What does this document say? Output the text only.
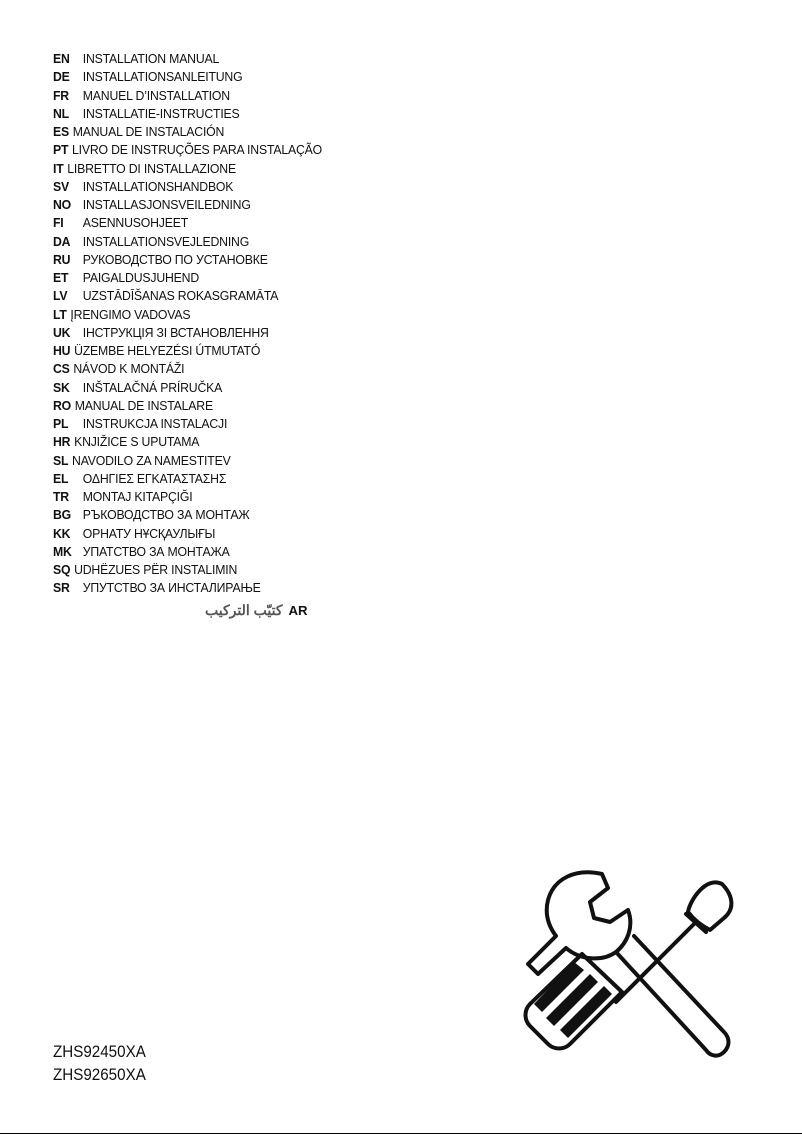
EN INSTALLATION MANUAL
DE INSTALLATIONSANLEITUNG
FR MANUEL D’INSTALLATION
NL INSTALLATIE-INSTRUCTIES
ES MANUAL DE INSTALACIÓN
PT LIVRO DE INSTRUÇÕES PARA INSTALAÇÃO
IT LIBRETTO DI INSTALLAZIONE
SV INSTALLATIONSHANDBOK
NO INSTALLASJONSVEILEDNING
FI ASENNUSOHJEET
DA INSTALLATIONSVEJLEDNING
RU РУКОВОДСТВО ПО УСТАНОВКЕ
ET PAIGALDUSJUHEND
LV UZSTĀDĪŠANAS ROKASGRAMĀTA
LT ĮRENGIMO VADOVAS
UK ІНСТРУКЦІЯ ЗІ ВСТАНОВЛЕННЯ
HU ÜZEMBE HELYEZÉSI ÚTMUTATÓ
CS NÁVOD K MONTÁŽI
SK INŠTALAČNÁ PRÍRUČKA
RO MANUAL DE INSTALARE
PL INSTRUKCJA INSTALACJI
HR KNJIŽICE S UPUTAMA
SL NAVODILO ZA NAMESTITEV
EL ΟΔΗΓΙΕΣ ΕΓΚΑΤΑΣΤΑΣΗΣ
TR MONTAJ KITAPÇIĞI
BG РЪКОВОДСТВО ЗА МОНТАЖ
KK ОРНАТУ НҰСҚАУЛЫҒЫ
MK УПАТСТВО ЗА МОНТАЖА
SQ UDHËZUES PËR INSTALIMIN
SR УПУТСТВО ЗА ИНСТАЛИРАЊЕ
كتيّب التركيب AR
ZHS92450XA
ZHS92650XA
